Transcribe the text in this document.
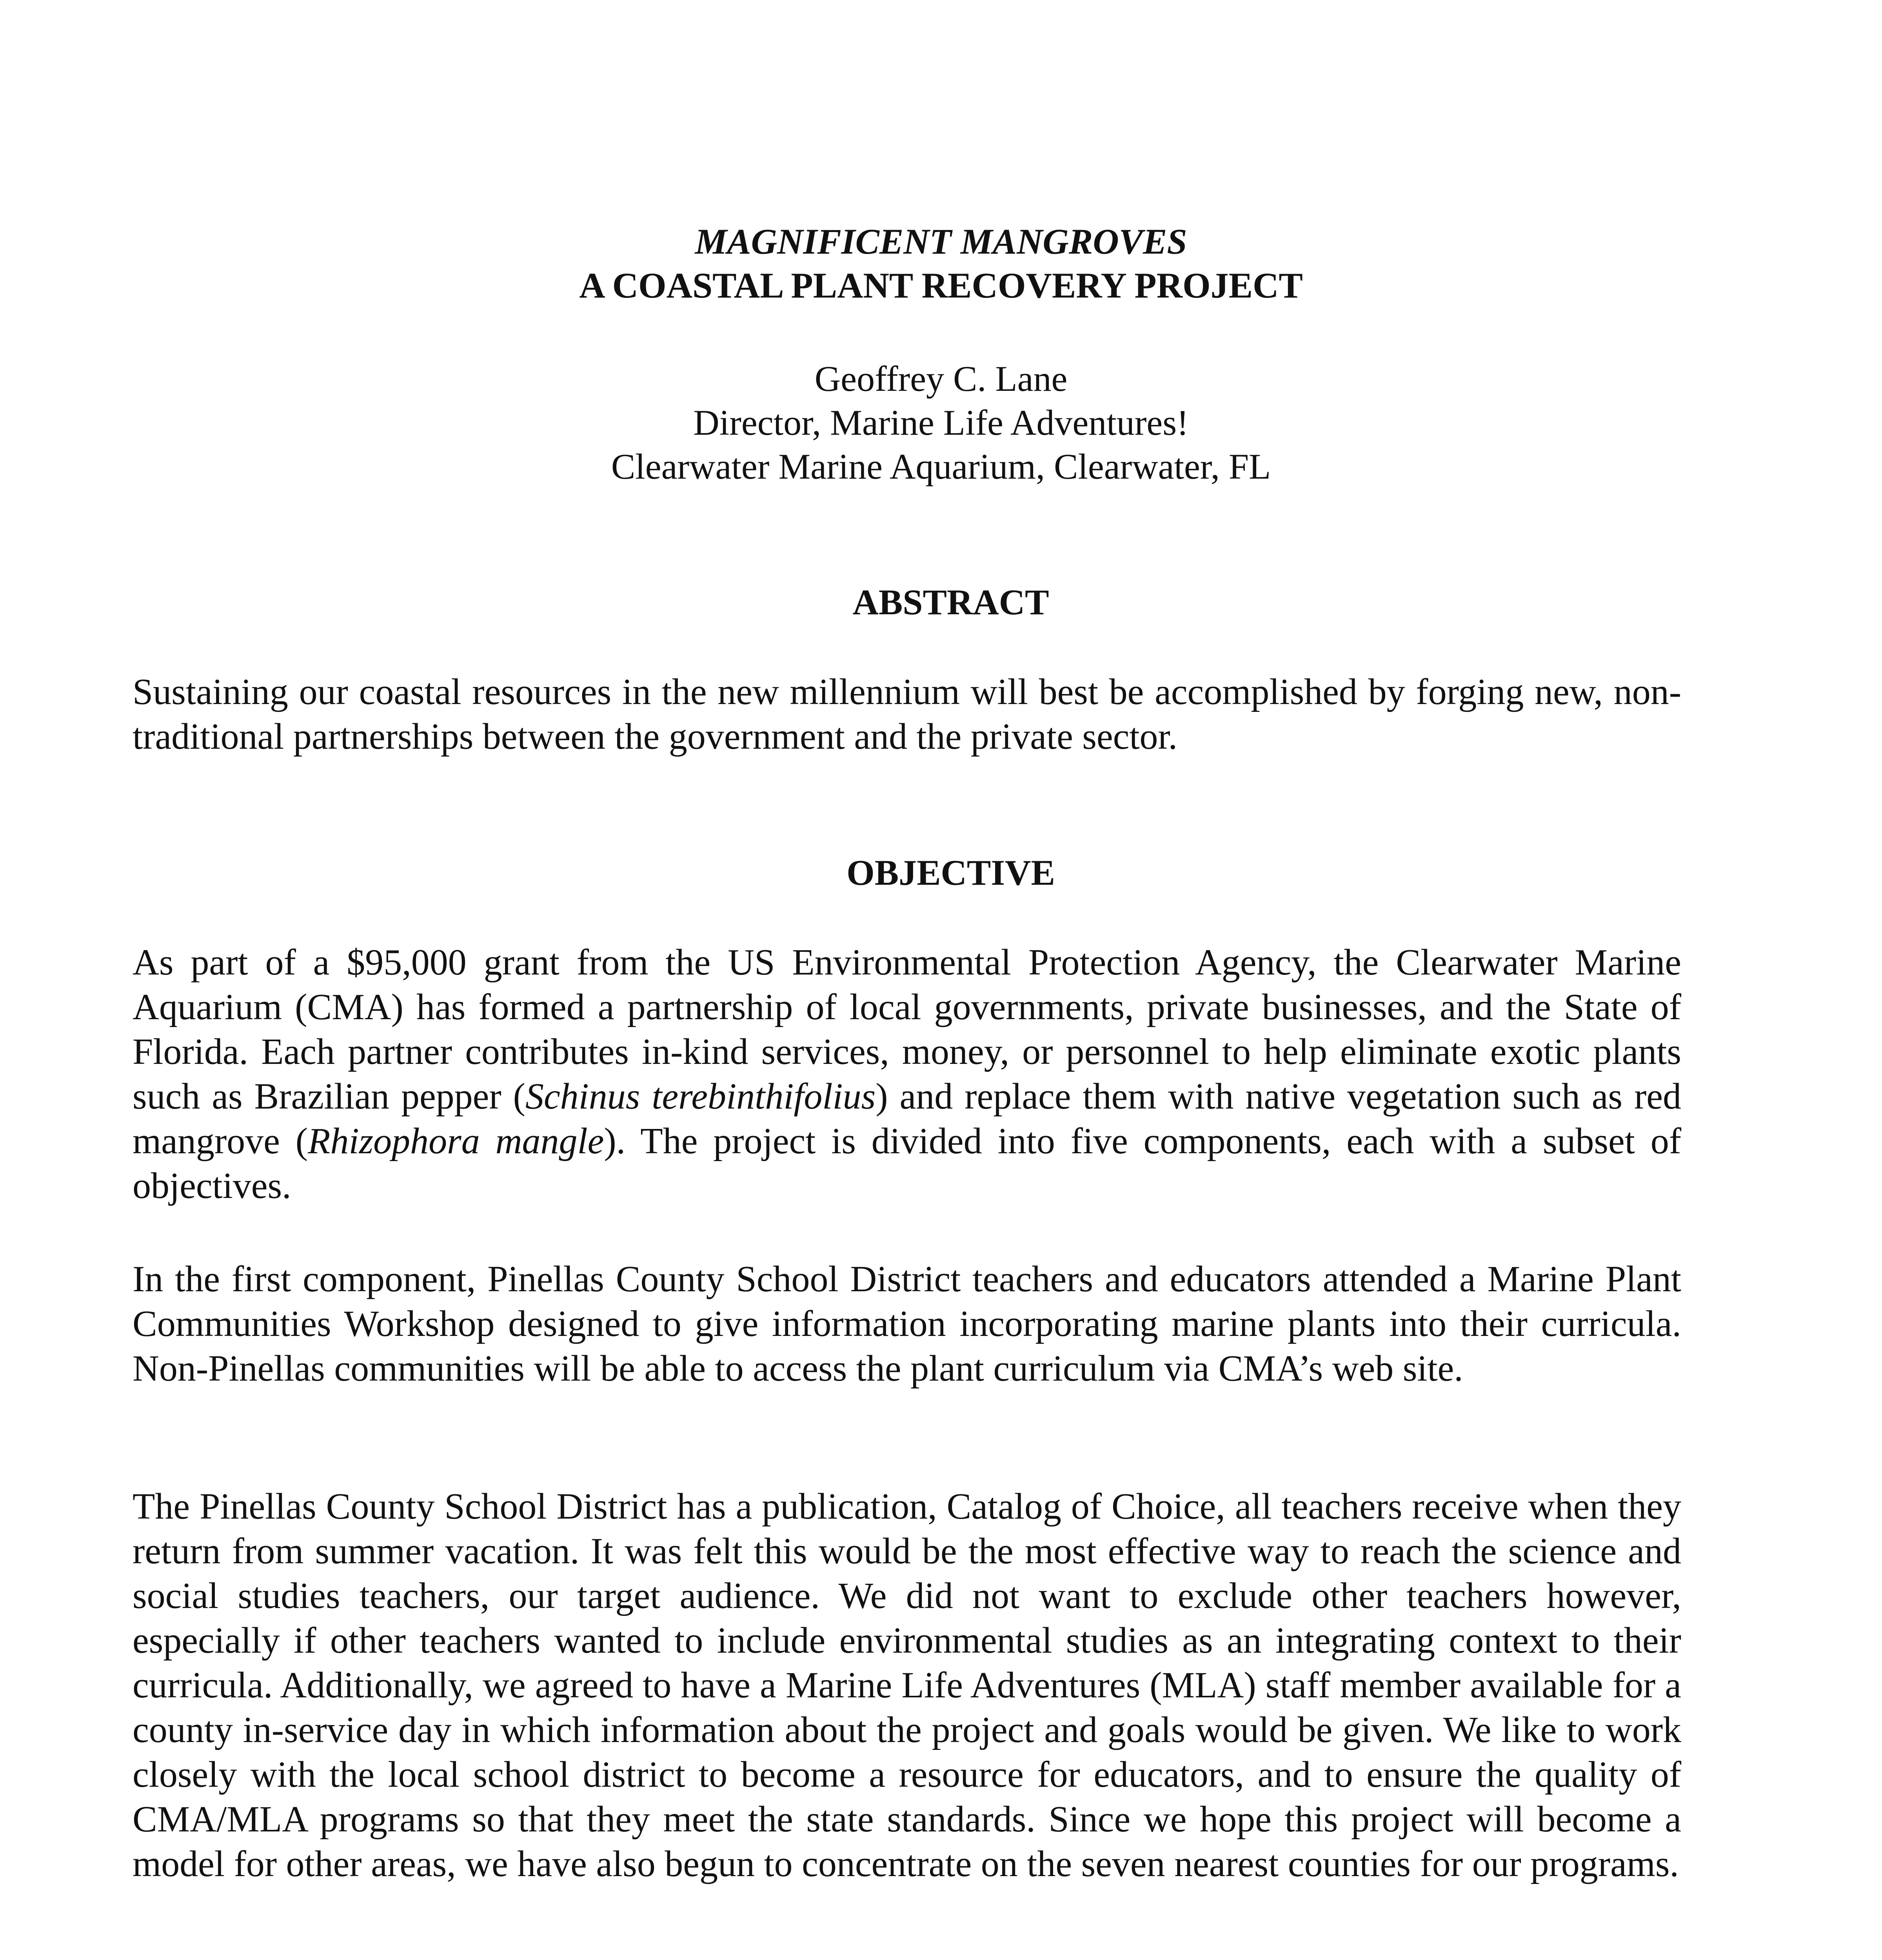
MAGNIFICENT MANGROVES
A COASTAL PLANT RECOVERY PROJECT
Geoffrey C. Lane
Director, Marine Life Adventures!
Clearwater Marine Aquarium, Clearwater, FL
ABSTRACT

Sustaining our coastal resources in the new millennium will best be accomplished by forging new, non-traditional partnerships between the government and the private sector.

OBJECTIVE

As part of a $95,000 grant from the US Environmental Protection Agency, the Clearwater Marine Aquarium (CMA) has formed a partnership of local governments, private businesses, and the State of Florida. Each partner contributes in-kind services, money, or personnel to help eliminate exotic plants such as Brazilian pepper (Schinus terebinthifolius) and replace them with native vegetation such as red mangrove (Rhizophora mangle). The project is divided into five components, each with a subset of objectives.

In the first component, Pinellas County School District teachers and educators attended a Marine Plant Communities Workshop designed to give information incorporating marine plants into their curricula. Non-Pinellas communities will be able to access the plant curriculum via CMA’s web site.

The Pinellas County School District has a publication, Catalog of Choice, all teachers receive when they return from summer vacation. It was felt this would be the most effective way to reach the science and social studies teachers, our target audience. We did not want to exclude other teachers however, especially if other teachers wanted to include environmental studies as an integrating context to their curricula. Additionally, we agreed to have a Marine Life Adventures (MLA) staff member available for a county in-service day in which information about the project and goals would be given. We like to work closely with the local school district to become a resource for educators, and to ensure the quality of CMA/MLA programs so that they meet the state standards. Since we hope this project will become a model for other areas, we have also begun to concentrate on the seven nearest counties for our programs.
